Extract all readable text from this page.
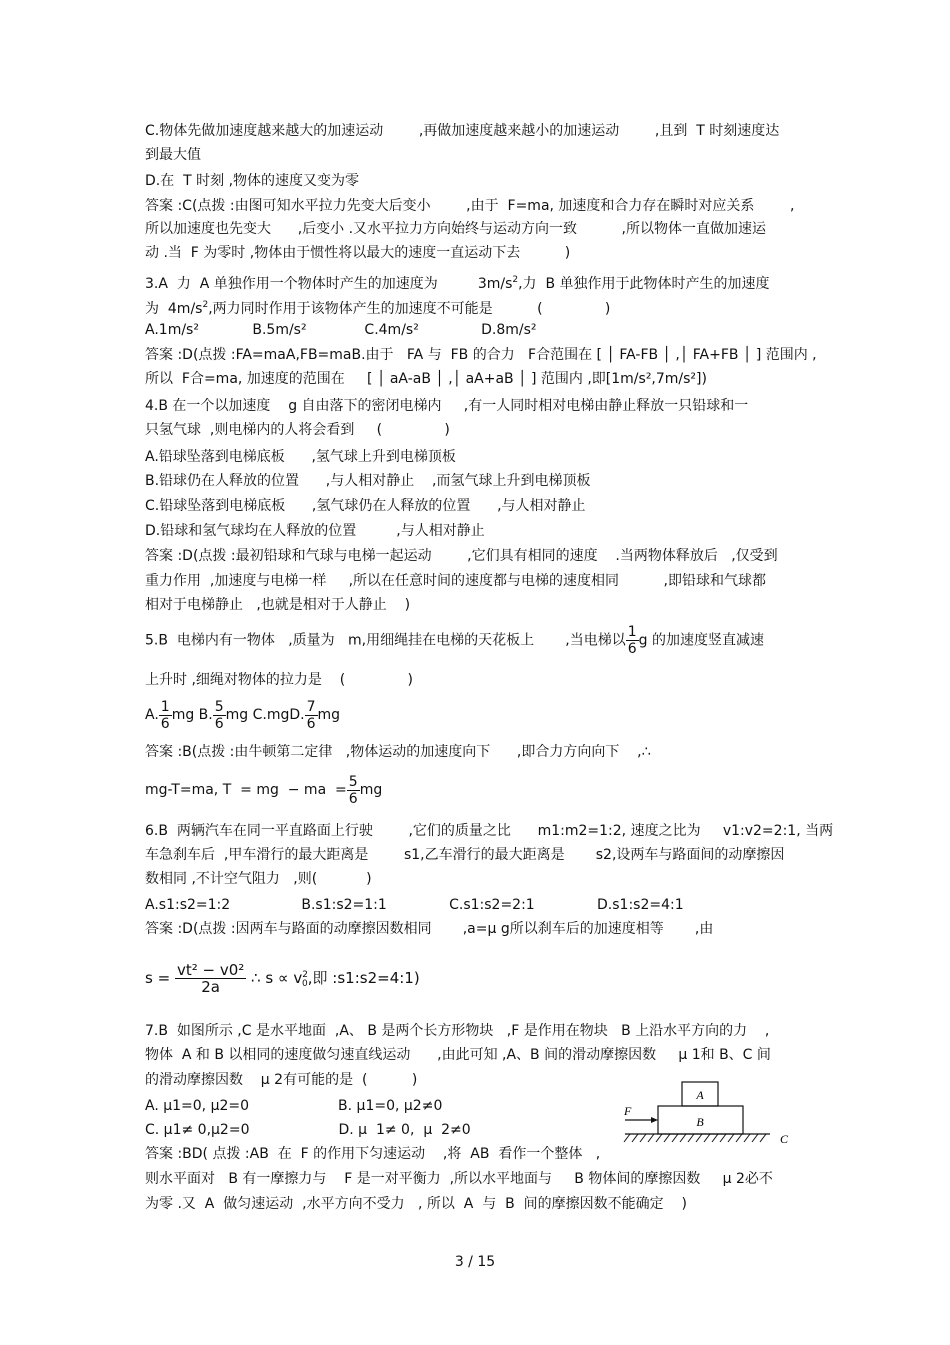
C.物体先做加速度越来越大的加速运动        ,再做加速度越来越小的加速运动        ,且到  T 时刻速度达
到最大值
D.在  T 时刻 ,物体的速度又变为零
答案 :C(点拨 :由图可知水平拉力先变大后变小        ,由于  F=ma, 加速度和合力存在瞬时对应关系        ,
所以加速度也先变大      ,后变小 .又水平拉力方向始终与运动方向一致          ,所以物体一直做加速运
动 .当  F 为零时 ,物体由于惯性将以最大的速度一直运动下去          )
3.A  力  A 单独作用一个物体时产生的加速度为         $3m/s^2$,力  B 单独作用于此物体时产生的加速度
为  $4m/s^2$,两力同时作用于该物体产生的加速度不可能是          (              )
A.1m/s²            B.5m/s²             C.4m/s²              D.8m/s²
答案 :D(点拨 :FA=maA,FB=maB.由于   FA 与  FB 的合力   F合范围在 [ │ FA-FB │ ,│ FA+FB │ ] 范围内 ,
所以  F合=ma, 加速度的范围在     [ │ aA-aB │ ,│ aA+aB │ ] 范围内 ,即[1m/s²,7m/s²])
4.B 在一个以加速度    g 自由落下的密闭电梯内     ,有一人同时相对电梯由静止释放一只铅球和一
只氢气球  ,则电梯内的人将会看到     (              )
A.铅球坠落到电梯底板      ,氢气球上升到电梯顶板
B.铅球仍在人释放的位置      ,与人相对静止    ,而氢气球上升到电梯顶板
C.铅球坠落到电梯底板      ,氢气球仍在人释放的位置      ,与人相对静止
D.铅球和氢气球均在人释放的位置         ,与人相对静止
答案 :D(点拨 :最初铅球和气球与电梯一起运动        ,它们具有相同的速度    .当两物体释放后   ,仅受到
重力作用  ,加速度与电梯一样     ,所以在任意时间的速度都与电梯的速度相同          ,即铅球和气球都
相对于电梯静止   ,也就是相对于人静止    )
5.B  电梯内有一物体   ,质量为   m,用细绳挂在电梯的天花板上       ,当电梯以 $\frac{1}{6}$ g 的加速度竖直减速
上升时 ,细绳对物体的拉力是    (              )
A. $\frac{1}{6}$ mg B. $\frac{5}{6}$ mg C.mgD. $\frac{7}{6}$ mg
答案 :B(点拨 :由牛顿第二定律   ,物体运动的加速度向下      ,即合力方向向下    ,∴
mg-T=ma, T  = mg  − ma  = $\frac{5}{6}$ mg
6.B  两辆汽车在同一平直路面上行驶        ,它们的质量之比      m1:m2=1:2, 速度之比为     v1:v2=2:1, 当两
车急刹车后  ,甲车滑行的最大距离是        s1,乙车滑行的最大距离是       s2,设两车与路面间的动摩擦因
数相同 ,不计空气阻力   ,则(           )
A.s1:s2=1:2                B.s1:s2=1:1              C.s1:s2=2:1              D.s1:s2=4:1
答案 :D(点拨 :因两车与路面的动摩擦因数相同       ,a=μ g所以刹车后的加速度相等       ,由
$s = \frac{\text{vt² − v0²}}{2a}$ ∴ $s \propto v^2_0$,即 :s1:s2=4:1)
7.B  如图所示 ,C 是水平地面  ,A、 B 是两个长方形物块   ,F 是作用在物块   B 上沿水平方向的力    ,
物体  A 和 B 以相同的速度做匀速直线运动      ,由此可知 ,A、B 间的滑动摩擦因数     μ 1和 B、C 间
的滑动摩擦因数    μ 2有可能的是  (          )
A. μ1=0, μ2=0                    B. μ1=0, μ2≠0
C. μ1≠ 0,μ2=0                    D. μ  1≠ 0,  μ  2≠0
答案 :BD( 点拨 :AB  在  F 的作用下匀速运动    ,将  AB  看作一个整体   ,
则水平面对   B 有一摩擦力与    F 是一对平衡力  ,所以水平地面与     B 物体间的摩擦因数     μ 2必不
为零 .又  A  做匀速运动  ,水平方向不受力   , 所以  A  与  B  间的摩擦因数不能确定    )
A
B
F
C
3 / 15
